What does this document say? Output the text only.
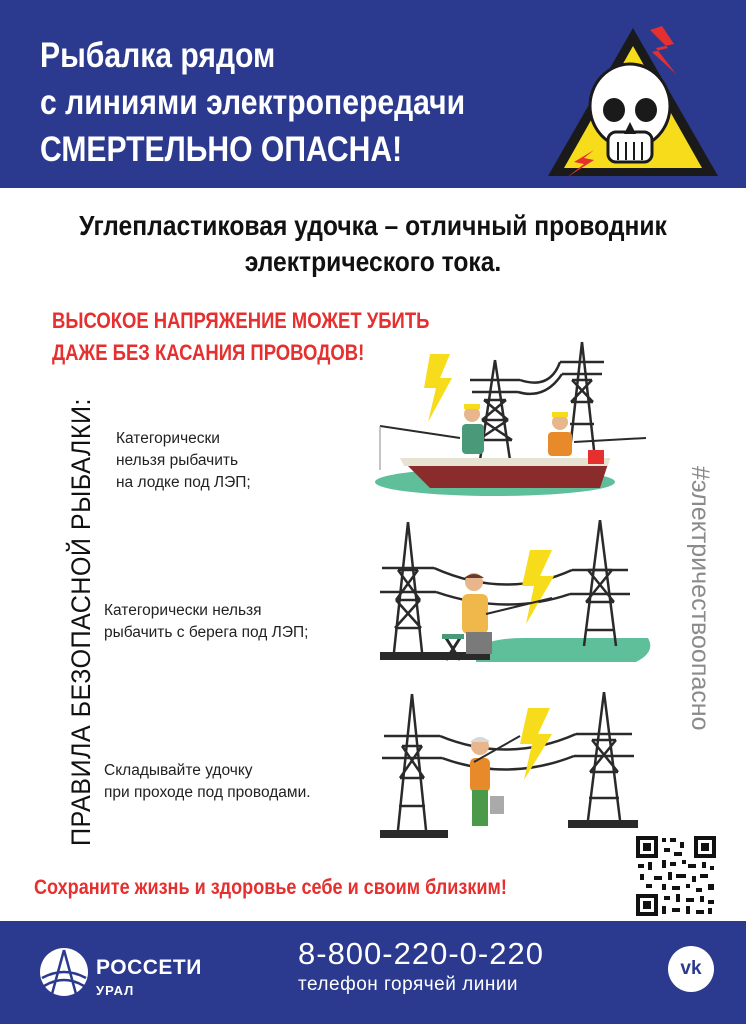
Рыбалка рядом
с линиями электропередачи
СМЕРТЕЛЬНО ОПАСНА!
Углепластиковая удочка – отличный проводник
электрического тока.
ВЫСОКОЕ НАПРЯЖЕНИЕ МОЖЕТ УБИТЬ
ДАЖЕ БЕЗ КАСАНИЯ ПРОВОДОВ!
ПРАВИЛА БЕЗОПАСНОЙ РЫБАЛКИ: Категорически
нельзя рыбачить
на лодке под ЛЭП;
Категорически нельзя
рыбачить с берега под ЛЭП;
Складывайте удочку
при проходе под проводами.
#электричествоопасно
Сохраните жизнь и здоровье себе и своим близким!
РОССЕТИ
УРАЛ
8-800-220-0-220
телефон горячей линии
vk
